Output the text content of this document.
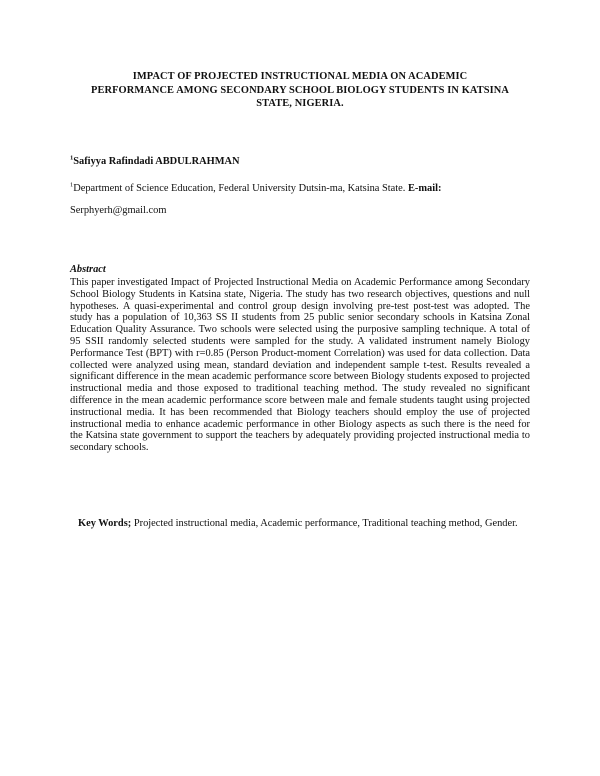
IMPACT OF PROJECTED INSTRUCTIONAL MEDIA ON ACADEMIC PERFORMANCE AMONG SECONDARY SCHOOL BIOLOGY STUDENTS IN KATSINA STATE, NIGERIA.
$^1$Safiyya Rafindadi ABDULRAHMAN
$^1$Department of Science Education, Federal University Dutsin-ma, Katsina State. E-mail:
Serphyerh@gmail.com
Abstract
This paper investigated Impact of Projected Instructional Media on Academic Performance among Secondary School Biology Students in Katsina state, Nigeria. The study has two research objectives, questions and null hypotheses. A quasi-experimental and control group design involving pre-test post-test was adopted. The study has a population of 10,363 SS II students from 25 public senior secondary schools in Katsina Zonal Education Quality Assurance. Two schools were selected using the purposive sampling technique. A total of 95 SSII randomly selected students were sampled for the study. A validated instrument namely Biology Performance Test (BPT) with r=0.85 (Person Product-moment Correlation) was used for data collection. Data collected were analyzed using mean, standard deviation and independent sample t-test. Results revealed a significant difference in the mean academic performance score between Biology students exposed to projected instructional media and those exposed to traditional teaching method. The study revealed no significant difference in the mean academic performance score between male and female students taught using projected instructional media. It has been recommended that Biology teachers should employ the use of projected instructional media to enhance academic performance in other Biology aspects as such there is the need for the Katsina state government to support the teachers by adequately providing projected instructional media to secondary schools.
Key Words; Projected instructional media, Academic performance, Traditional teaching method, Gender.
